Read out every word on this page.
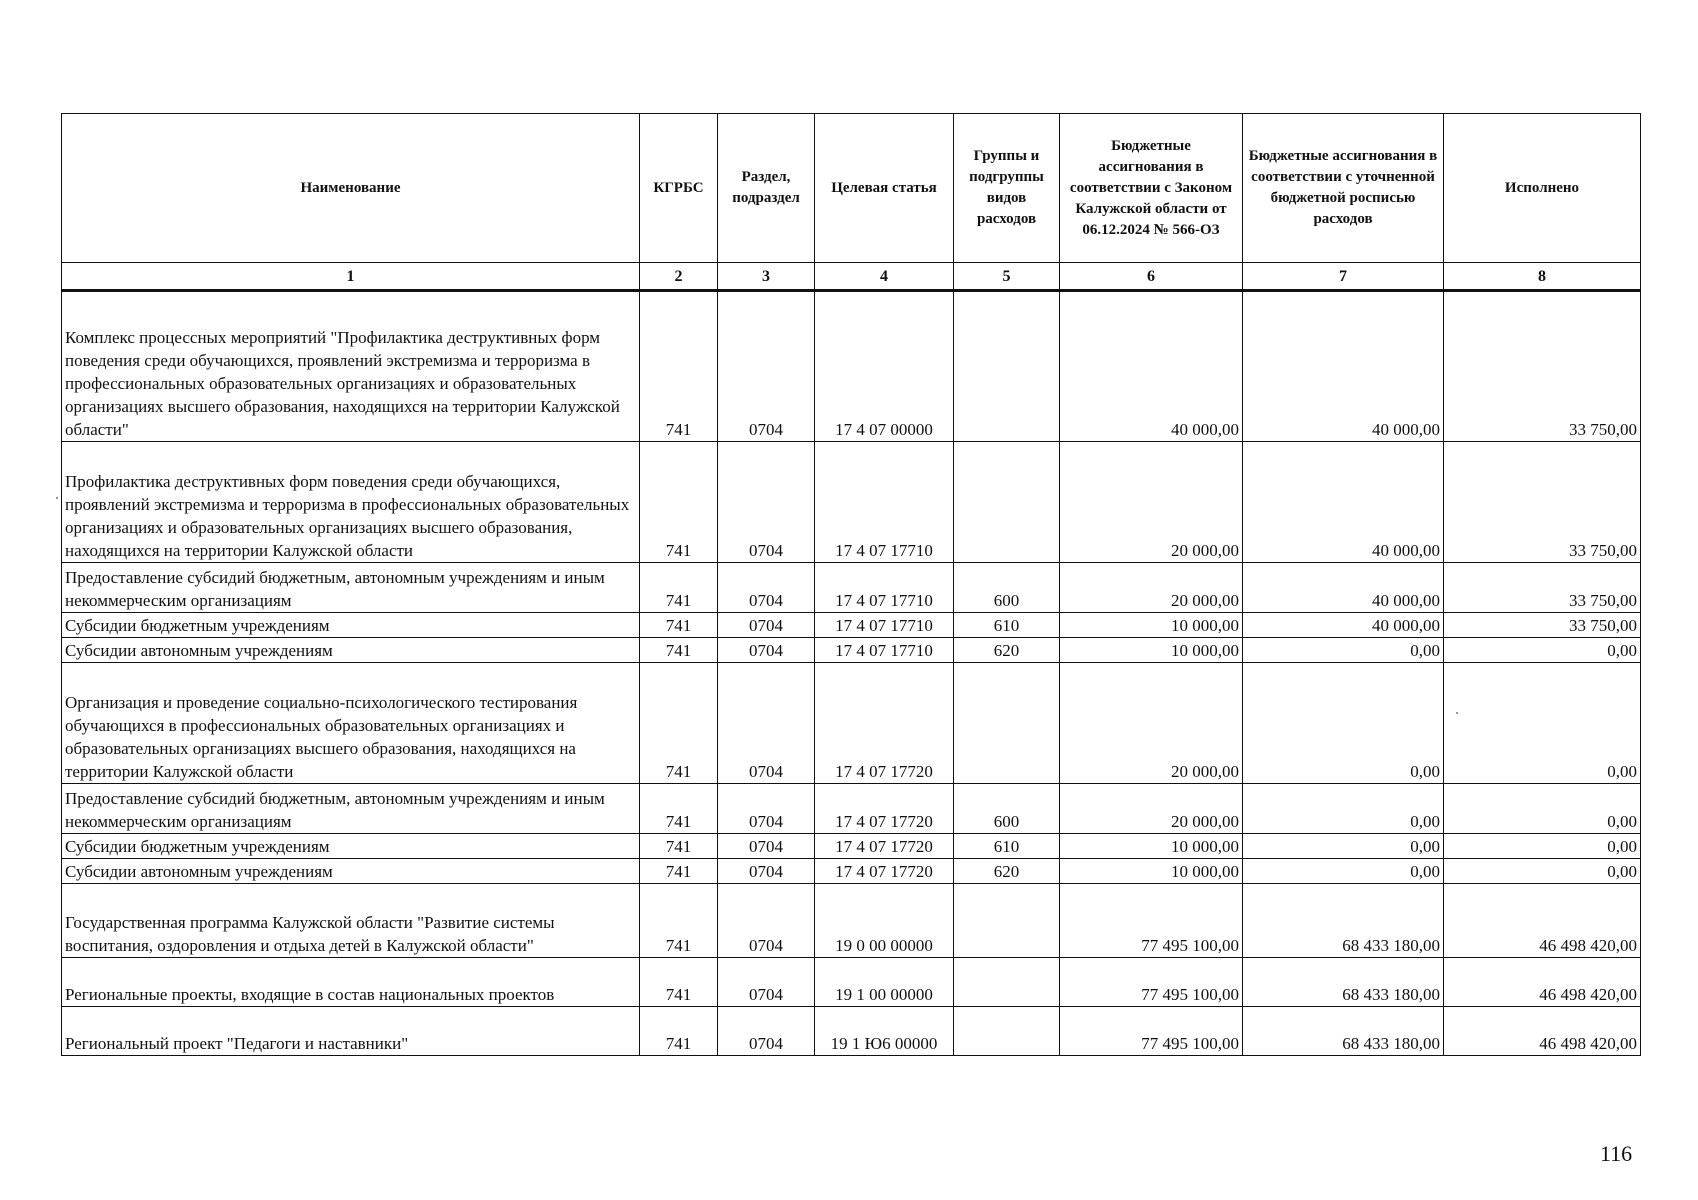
Наименование	КГРБС	Раздел, подраздел	Целевая статья	Группы и подгруппы видов расходов	Бюджетные ассигнования в соответствии с Законом Калужской области от 06.12.2024 № 566-ОЗ	Бюджетные ассигнования в соответствии с уточненной бюджетной росписью расходов	Исполнено
1	2	3	4	5	6	7	8
Комплекс процессных мероприятий "Профилактика деструктивных форм поведения среди обучающихся, проявлений экстремизма и терроризма в профессиональных образовательных организациях и образовательных организациях высшего образования, находящихся на территории Калужской области"	741	0704	17 4 07 00000		40 000,00	40 000,00	33 750,00
Профилактика деструктивных форм поведения среди обучающихся, проявлений экстремизма и терроризма в профессиональных образовательных организациях и образовательных организациях высшего образования, находящихся на территории Калужской области	741	0704	17 4 07 17710		20 000,00	40 000,00	33 750,00
Предоставление субсидий бюджетным, автономным учреждениям и иным некоммерческим организациям	741	0704	17 4 07 17710	600	20 000,00	40 000,00	33 750,00
Субсидии бюджетным учреждениям	741	0704	17 4 07 17710	610	10 000,00	40 000,00	33 750,00
Субсидии автономным учреждениям	741	0704	17 4 07 17710	620	10 000,00	0,00	0,00
Организация и проведение социально-психологического тестирования обучающихся в профессиональных образовательных организациях и образовательных организациях высшего образования, находящихся на территории Калужской области	741	0704	17 4 07 17720		20 000,00	0,00	0,00
Предоставление субсидий бюджетным, автономным учреждениям и иным некоммерческим организациям	741	0704	17 4 07 17720	600	20 000,00	0,00	0,00
Субсидии бюджетным учреждениям	741	0704	17 4 07 17720	610	10 000,00	0,00	0,00
Субсидии автономным учреждениям	741	0704	17 4 07 17720	620	10 000,00	0,00	0,00
Государственная программа Калужской области "Развитие системы воспитания, оздоровления и отдыха детей в Калужской области"	741	0704	19 0 00 00000		77 495 100,00	68 433 180,00	46 498 420,00
Региональные проекты, входящие в состав национальных проектов	741	0704	19 1 00 00000		77 495 100,00	68 433 180,00	46 498 420,00
Региональный проект "Педагоги и наставники"	741	0704	19 1 Ю6 00000		77 495 100,00	68 433 180,00	46 498 420,00
116
